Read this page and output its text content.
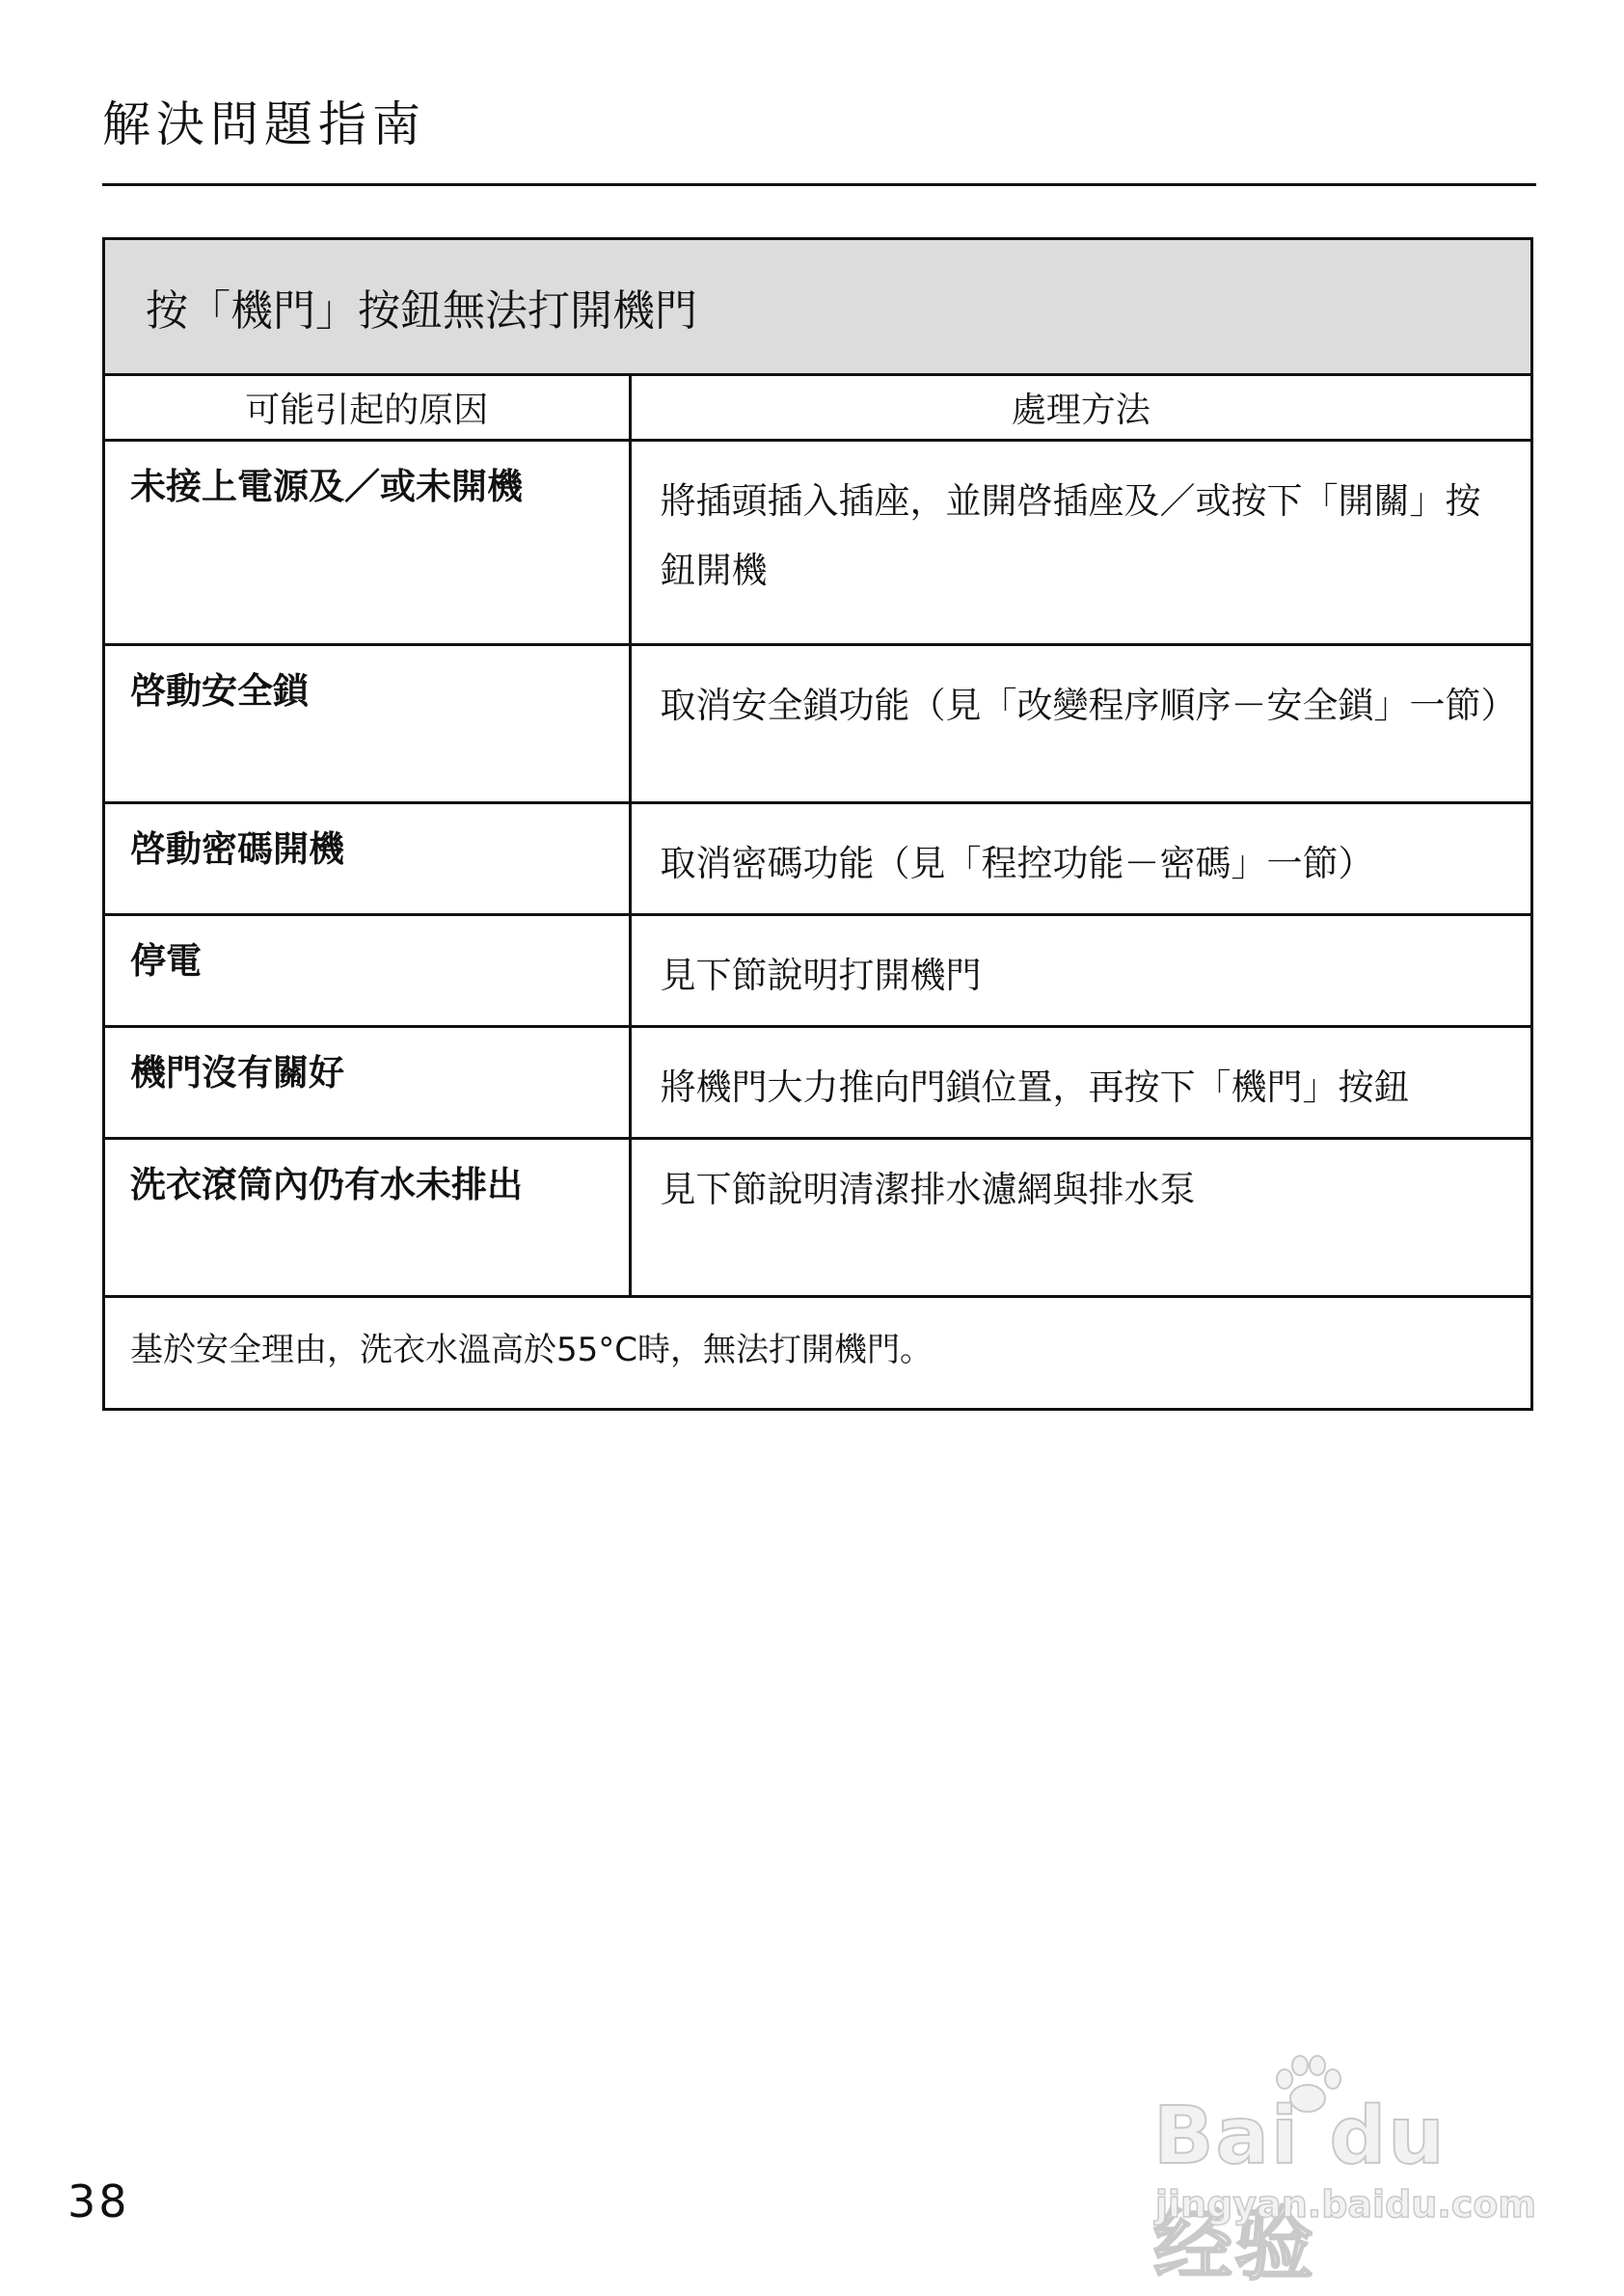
解決問題指南
按「機門」按鈕無法打開機門
可能引起的原因	處理方法
未接上電源及／或未開機	將插頭插入插座，並開啓插座及／或按下「開關」按鈕開機
啓動安全鎖	取消安全鎖功能（見「改變程序順序－安全鎖」一節）
啓動密碼開機	取消密碼功能（見「程控功能－密碼」一節）
停電	見下節說明打開機門
機門沒有關好	將機門大力推向門鎖位置，再按下「機門」按鈕
洗衣滾筒內仍有水未排出	見下節說明清潔排水濾網與排水泵
基於安全理由，洗衣水溫高於55°C時，無法打開機門。	
38
Bai du 经验
jingyan.baidu.com
